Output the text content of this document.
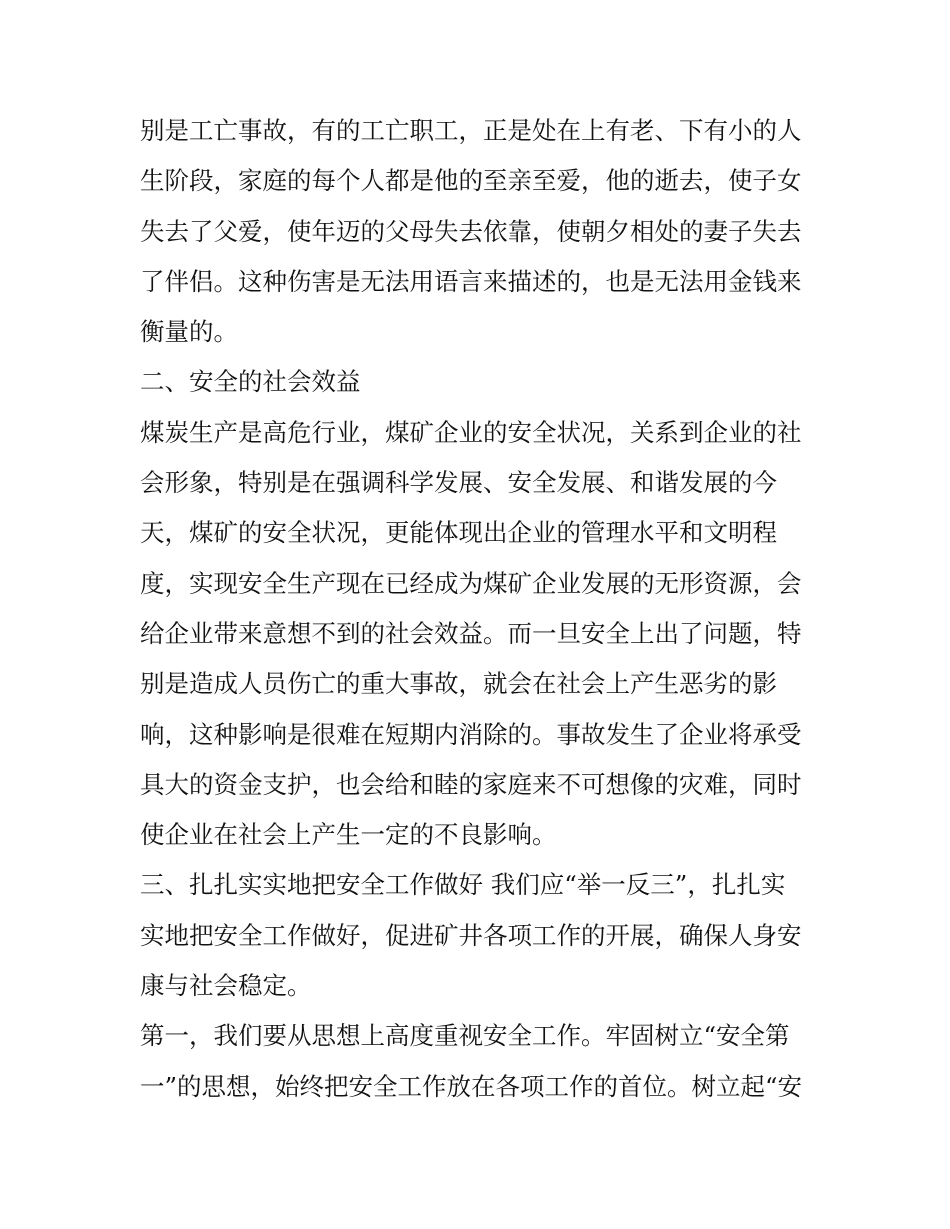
别是工亡事故，有的工亡职工，正是处在上有老、下有小的人
生阶段，家庭的每个人都是他的至亲至爱，他的逝去，使子女
失去了父爱，使年迈的父母失去依靠，使朝夕相处的妻子失去
了伴侣。这种伤害是无法用语言来描述的，也是无法用金钱来
衡量的。
二、安全的社会效益
煤炭生产是高危行业，煤矿企业的安全状况，关系到企业的社
会形象，特别是在强调科学发展、安全发展、和谐发展的今
天，煤矿的安全状况，更能体现出企业的管理水平和文明程
度，实现安全生产现在已经成为煤矿企业发展的无形资源，会
给企业带来意想不到的社会效益。而一旦安全上出了问题，特
别是造成人员伤亡的重大事故，就会在社会上产生恶劣的影
响，这种影响是很难在短期内消除的。事故发生了企业将承受
具大的资金支护，也会给和睦的家庭来不可想像的灾难，同时
使企业在社会上产生一定的不良影响。
三、扎扎实实地把安全工作做好 我们应“举一反三”，扎扎实
实地把安全工作做好，促进矿井各项工作的开展，确保人身安
康与社会稳定。
第一，我们要从思想上高度重视安全工作。牢固树立“安全第
一”的思想，始终把安全工作放在各项工作的首位。树立起“安
